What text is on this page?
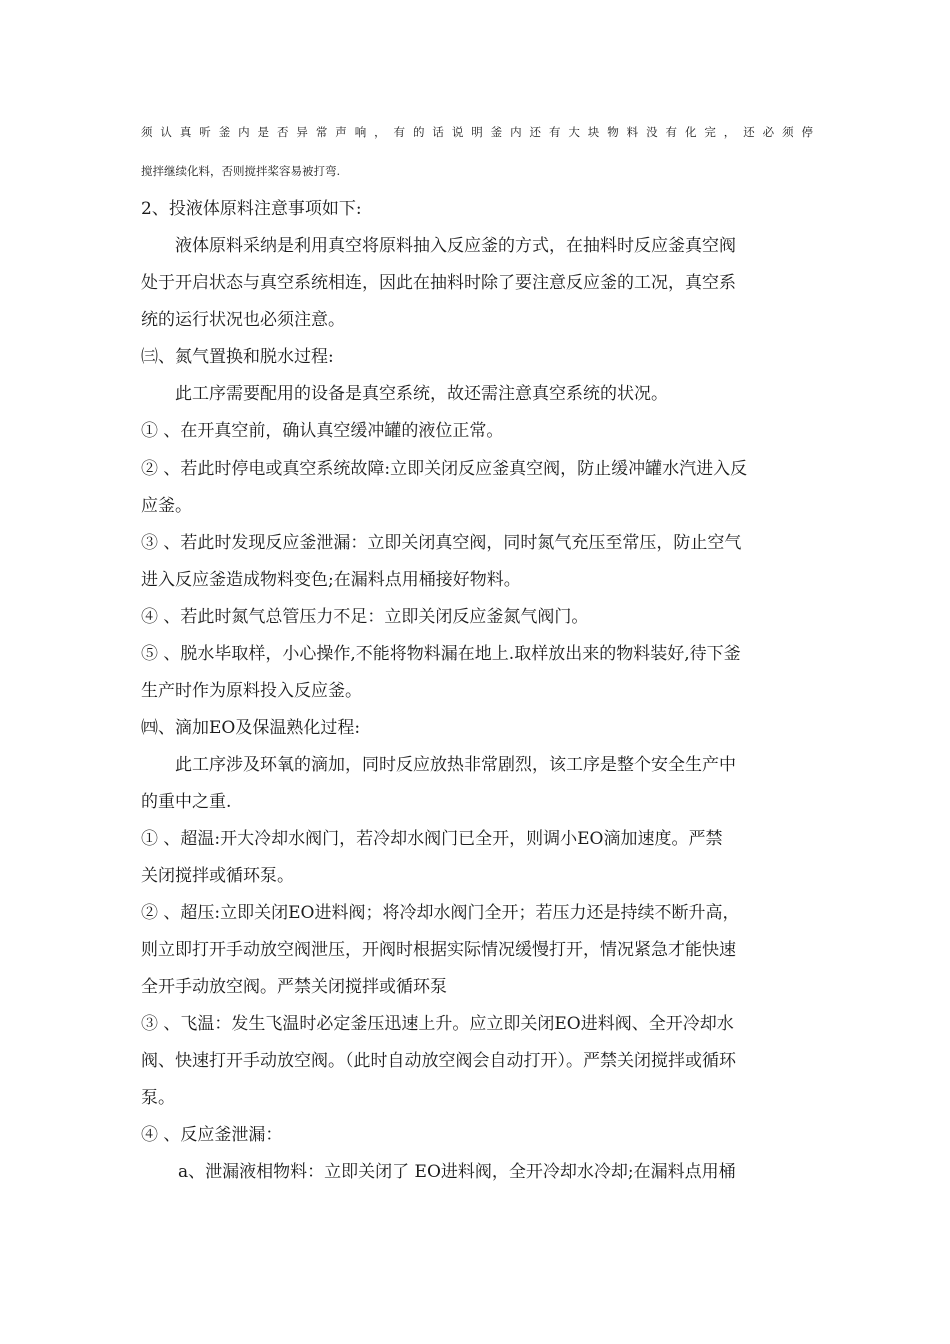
须认真听釜内是否异常声响，有的话说明釜内还有大块物料没有化完，还必须停
搅拌继续化料，否则搅拌桨容易被打弯.
2、投液体原料注意事项如下:
液体原料采纳是利用真空将原料抽入反应釜的方式，在抽料时反应釜真空阀
处于开启状态与真空系统相连，因此在抽料时除了要注意反应釜的工况，真空系
统的运行状况也必须注意。
㈢、氮气置换和脱水过程:
此工序需要配用的设备是真空系统，故还需注意真空系统的状况。
① 、在开真空前，确认真空缓冲罐的液位正常。
② 、若此时停电或真空系统故障:立即关闭反应釜真空阀，防止缓冲罐水汽进入反
应釜。
③ 、若此时发现反应釜泄漏：立即关闭真空阀，同时氮气充压至常压，防止空气
进入反应釜造成物料变色;在漏料点用桶接好物料。
④ 、若此时氮气总管压力不足：立即关闭反应釜氮气阀门。
⑤ 、脱水毕取样，小心操作,不能将物料漏在地上.取样放出来的物料装好,待下釜
生产时作为原料投入反应釜。
㈣、滴加EO及保温熟化过程:
此工序涉及环氧的滴加，同时反应放热非常剧烈，该工序是整个安全生产中
的重中之重.
① 、超温:开大冷却水阀门，若冷却水阀门已全开，则调小EO滴加速度。严禁
关闭搅拌或循环泵。
② 、超压:立即关闭EO进料阀；将冷却水阀门全开；若压力还是持续不断升高，
则立即打开手动放空阀泄压，开阀时根据实际情况缓慢打开，情况紧急才能快速
全开手动放空阀。严禁关闭搅拌或循环泵
③ 、飞温：发生飞温时必定釜压迅速上升。应立即关闭EO进料阀、全开冷却水
阀、快速打开手动放空阀。（此时自动放空阀会自动打开）。严禁关闭搅拌或循环
泵。
④ 、反应釜泄漏：
a、泄漏液相物料：立即关闭了 EO进料阀，全开冷却水冷却;在漏料点用桶
